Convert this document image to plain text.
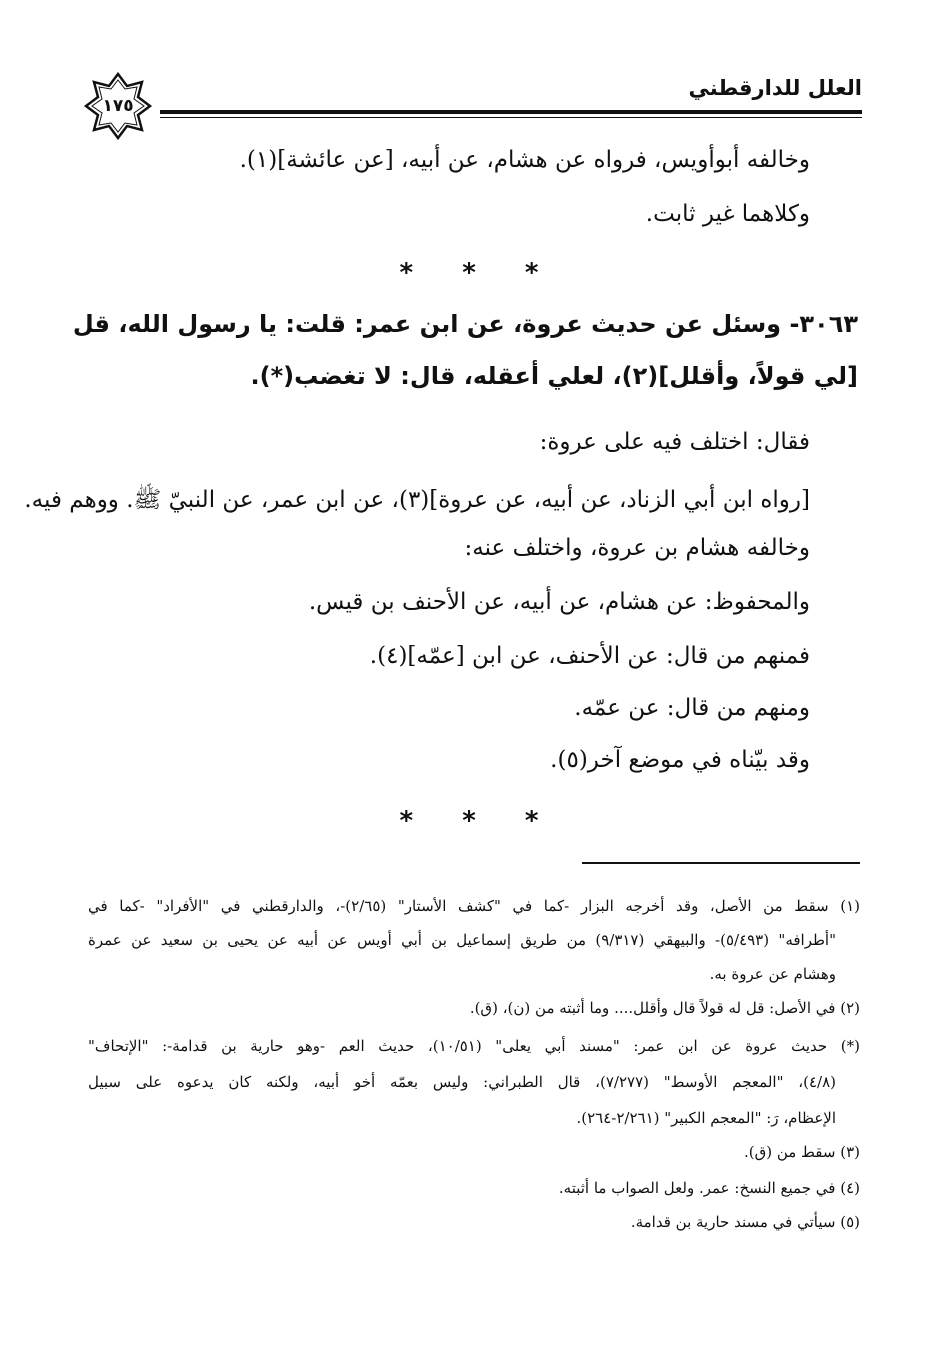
العلل للدارقطني
١٧٥
وخالفه أبوأويس، فرواه عن هشام، عن أبيه، [عن عائشة](١).
وكلاهما غير ثابت.
* * *
٣٠٦٣- وسئل عن حديث عروة، عن ابن عمر: قلت: يا رسول الله، قل
[لي قولاً، وأقلل](٢)، لعلي أعقله، قال: لا تغضب(*).
فقال: اختلف فيه على عروة:
[رواه ابن أبي الزناد، عن أبيه، عن عروة](٣)، عن ابن عمر، عن النبيّ ﷺ. ووهم فيه.
وخالفه هشام بن عروة، واختلف عنه:
والمحفوظ: عن هشام، عن أبيه، عن الأحنف بن قيس.
فمنهم من قال: عن الأحنف، عن ابن [عمّه](٤).
ومنهم من قال: عن عمّه.
وقد بيّناه في موضع آخر(٥).
* * *
(١) سقط من الأصل، وقد أخرجه البزار -كما في "كشف الأستار" (٢/٦٥)-، والدارقطني في "الأفراد" -كما في
"أطرافه" (٥/٤٩٣)- والبيهقي (٩/٣١٧) من طريق إسماعيل بن أبي أويس عن أبيه عن يحيى بن سعيد عن عمرة
وهشام عن عروة به.
(٢) في الأصل: قل له قولاً قال وأقلل.... وما أثبته من (ن)، (ق).
(*) حديث عروة عن ابن عمر: "مسند أبي يعلى" (١٠/٥١)، حديث العم -وهو حارية بن قدامة-: "الإتحاف"
(٤/٨)، "المعجم الأوسط" (٧/٢٧٧)، قال الطبراني: وليس بعمّه أخو أبيه، ولكنه كان يدعوه على سبيل
الإعظام، رَ: "المعجم الكبير" (٢/٢٦١-٢٦٤).
(٣) سقط من (ق).
(٤) في جميع النسخ: عمر. ولعل الصواب ما أثبته.
(٥) سيأتي في مسند حارية بن قدامة.
